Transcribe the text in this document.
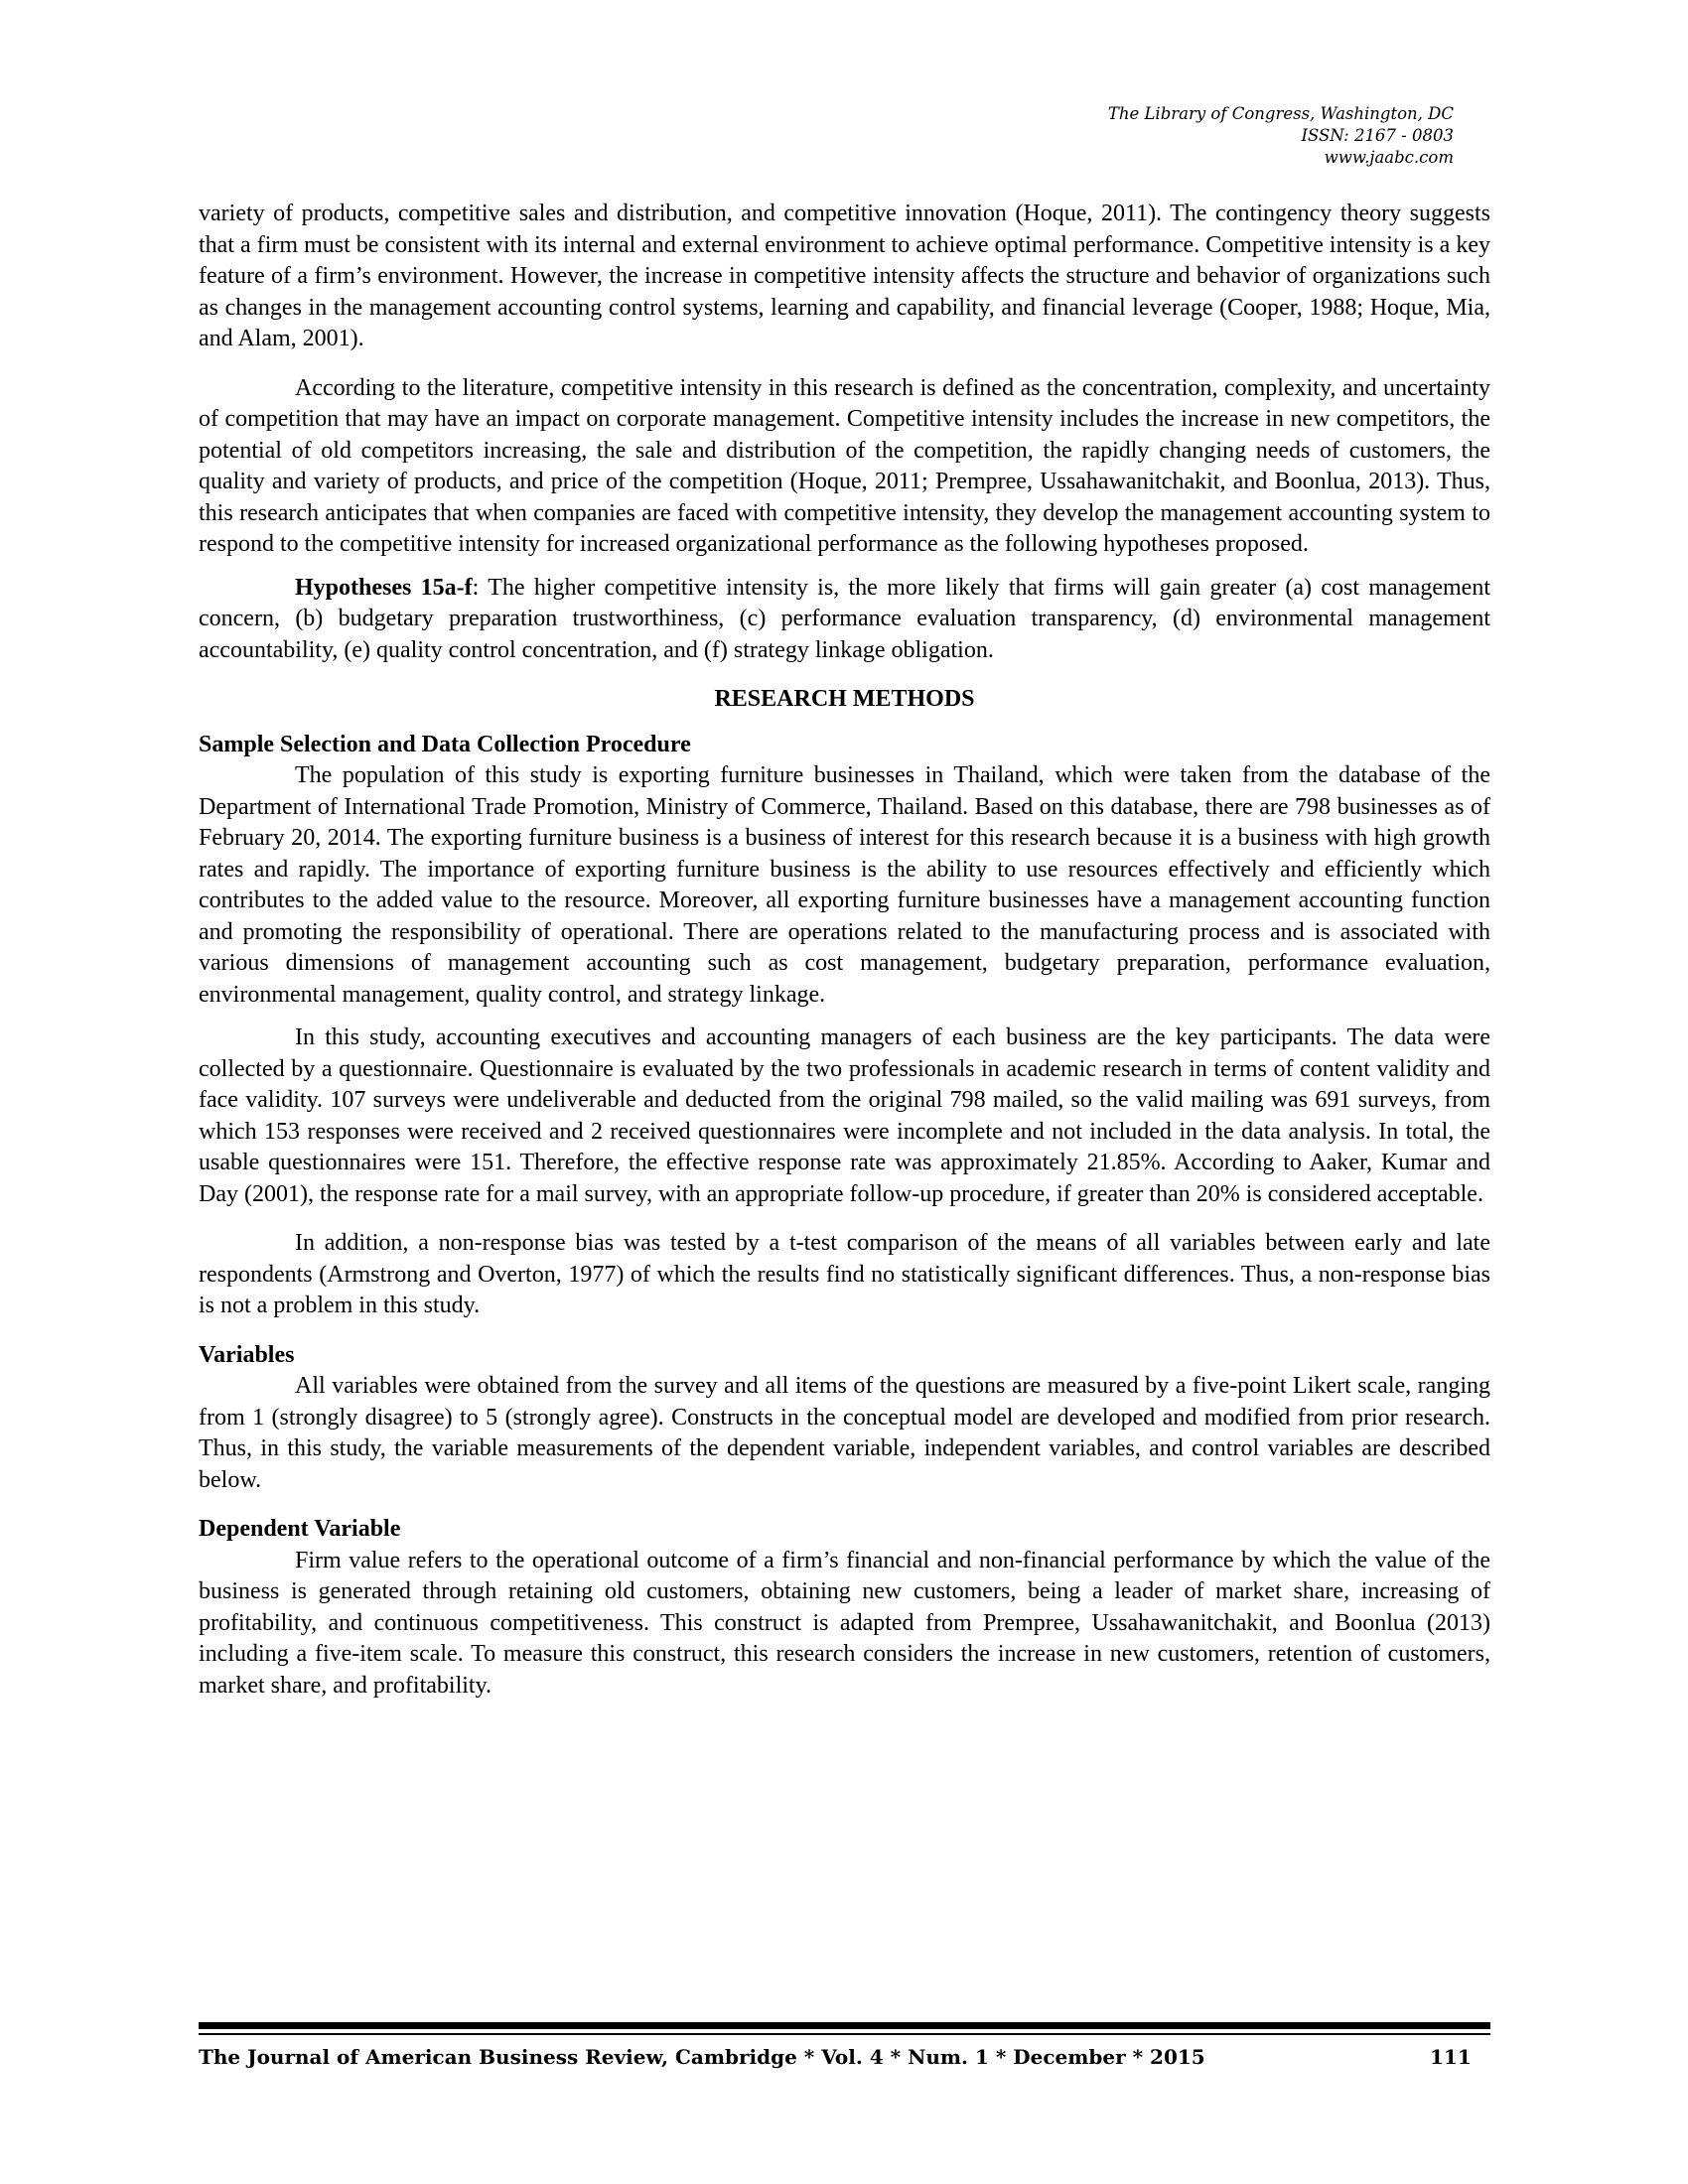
The Library of Congress, Washington, DC
ISSN: 2167 - 0803
www.jaabc.com

variety of products, competitive sales and distribution, and competitive innovation (Hoque, 2011). The contingency theory suggests that a firm must be consistent with its internal and external environment to achieve optimal performance. Competitive intensity is a key feature of a firm’s environment. However, the increase in competitive intensity affects the structure and behavior of organizations such as changes in the management accounting control systems, learning and capability, and financial leverage (Cooper, 1988; Hoque, Mia, and Alam, 2001).

According to the literature, competitive intensity in this research is defined as the concentration, complexity, and uncertainty of competition that may have an impact on corporate management. Competitive intensity includes the increase in new competitors, the potential of old competitors increasing, the sale and distribution of the competition, the rapidly changing needs of customers, the quality and variety of products, and price of the competition (Hoque, 2011; Prempree, Ussahawanitchakit, and Boonlua, 2013). Thus, this research anticipates that when companies are faced with competitive intensity, they develop the management accounting system to respond to the competitive intensity for increased organizational performance as the following hypotheses proposed.

Hypotheses 15a-f: The higher competitive intensity is, the more likely that firms will gain greater (a) cost management concern, (b) budgetary preparation trustworthiness, (c) performance evaluation transparency, (d) environmental management accountability, (e) quality control concentration, and (f) strategy linkage obligation.

RESEARCH METHODS
Sample Selection and Data Collection Procedure

The population of this study is exporting furniture businesses in Thailand, which were taken from the database of the Department of International Trade Promotion, Ministry of Commerce, Thailand. Based on this database, there are 798 businesses as of February 20, 2014. The exporting furniture business is a business of interest for this research because it is a business with high growth rates and rapidly. The importance of exporting furniture business is the ability to use resources effectively and efficiently which contributes to the added value to the resource. Moreover, all exporting furniture businesses have a management accounting function and promoting the responsibility of operational. There are operations related to the manufacturing process and is associated with various dimensions of management accounting such as cost management, budgetary preparation, performance evaluation, environmental management, quality control, and strategy linkage.

In this study, accounting executives and accounting managers of each business are the key participants. The data were collected by a questionnaire. Questionnaire is evaluated by the two professionals in academic research in terms of content validity and face validity. 107 surveys were undeliverable and deducted from the original 798 mailed, so the valid mailing was 691 surveys, from which 153 responses were received and 2 received questionnaires were incomplete and not included in the data analysis. In total, the usable questionnaires were 151. Therefore, the effective response rate was approximately 21.85%. According to Aaker, Kumar and Day (2001), the response rate for a mail survey, with an appropriate follow-up procedure, if greater than 20% is considered acceptable.

In addition, a non-response bias was tested by a t-test comparison of the means of all variables between early and late respondents (Armstrong and Overton, 1977) of which the results find no statistically significant differences. Thus, a non-response bias is not a problem in this study.

Variables

All variables were obtained from the survey and all items of the questions are measured by a five-point Likert scale, ranging from 1 (strongly disagree) to 5 (strongly agree). Constructs in the conceptual model are developed and modified from prior research. Thus, in this study, the variable measurements of the dependent variable, independent variables, and control variables are described below.

Dependent Variable

Firm value refers to the operational outcome of a firm’s financial and non-financial performance by which the value of the business is generated through retaining old customers, obtaining new customers, being a leader of market share, increasing of profitability, and continuous competitiveness. This construct is adapted from Prempree, Ussahawanitchakit, and Boonlua (2013) including a five-item scale. To measure this construct, this research considers the increase in new customers, retention of customers, market share, and profitability.

The Journal of American Business Review, Cambridge * Vol. 4 * Num. 1 * December * 2015	111
